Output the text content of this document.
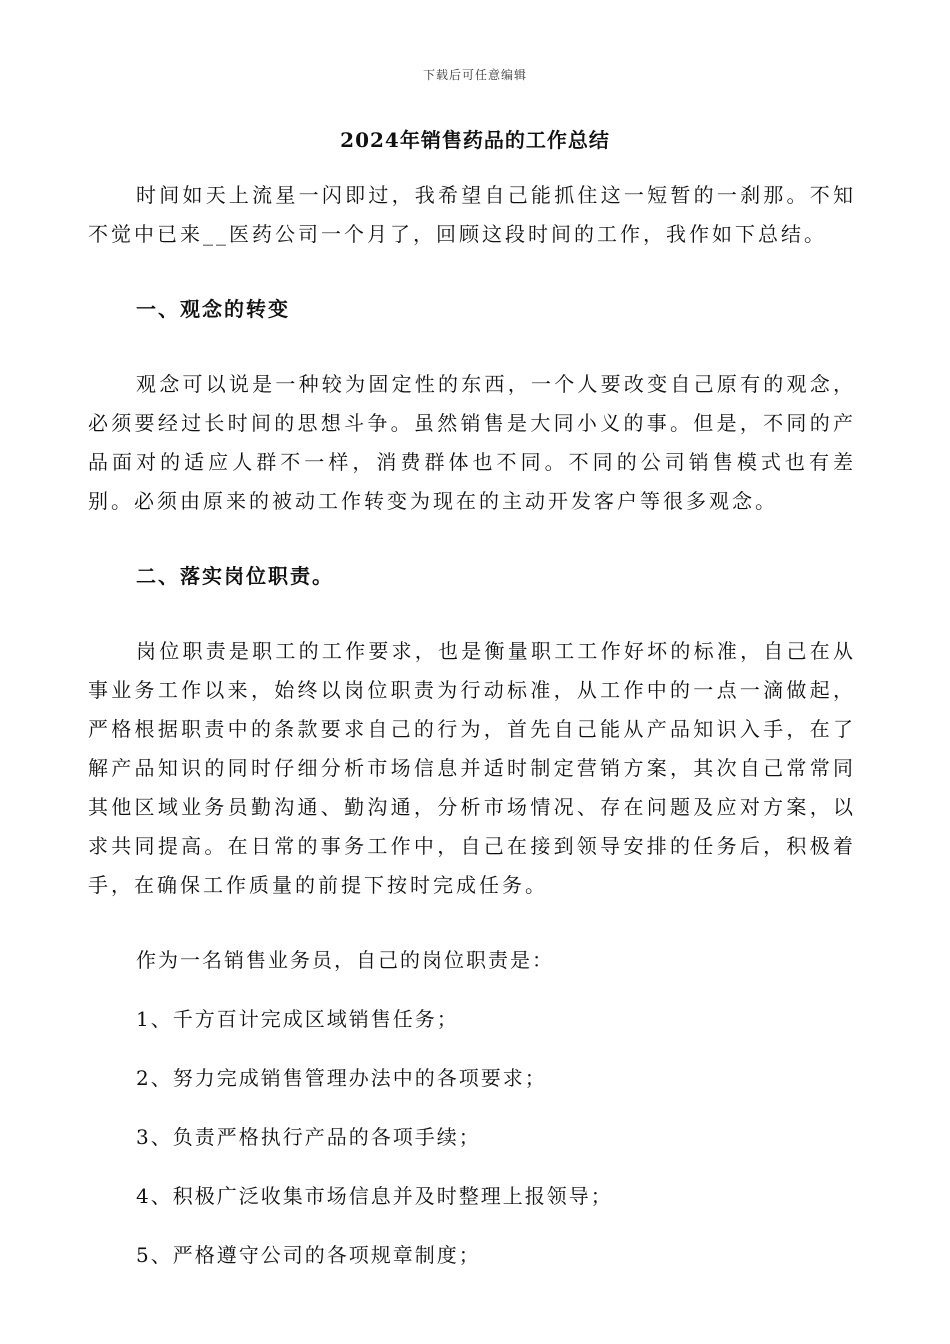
下载后可任意编辑
2024年销售药品的工作总结

时间如天上流星一闪即过，我希望自己能抓住这一短暂的一刹那。不知不觉中已来__医药公司一个月了，回顾这段时间的工作，我作如下总结。

一、观念的转变

观念可以说是一种较为固定性的东西，一个人要改变自己原有的观念，必须要经过长时间的思想斗争。虽然销售是大同小义的事。但是，不同的产品面对的适应人群不一样，消费群体也不同。不同的公司销售模式也有差别。必须由原来的被动工作转变为现在的主动开发客户等很多观念。

二、落实岗位职责。

岗位职责是职工的工作要求，也是衡量职工工作好坏的标准，自己在从事业务工作以来，始终以岗位职责为行动标准，从工作中的一点一滴做起，严格根据职责中的条款要求自己的行为，首先自己能从产品知识入手，在了解产品知识的同时仔细分析市场信息并适时制定营销方案，其次自己常常同其他区域业务员勤沟通、勤沟通，分析市场情况、存在问题及应对方案，以求共同提高。在日常的事务工作中，自己在接到领导安排的任务后，积极着手，在确保工作质量的前提下按时完成任务。

作为一名销售业务员，自己的岗位职责是：

1、千方百计完成区域销售任务；

2、努力完成销售管理办法中的各项要求；

3、负责严格执行产品的各项手续；

4、积极广泛收集市场信息并及时整理上报领导；

5、严格遵守公司的各项规章制度；
